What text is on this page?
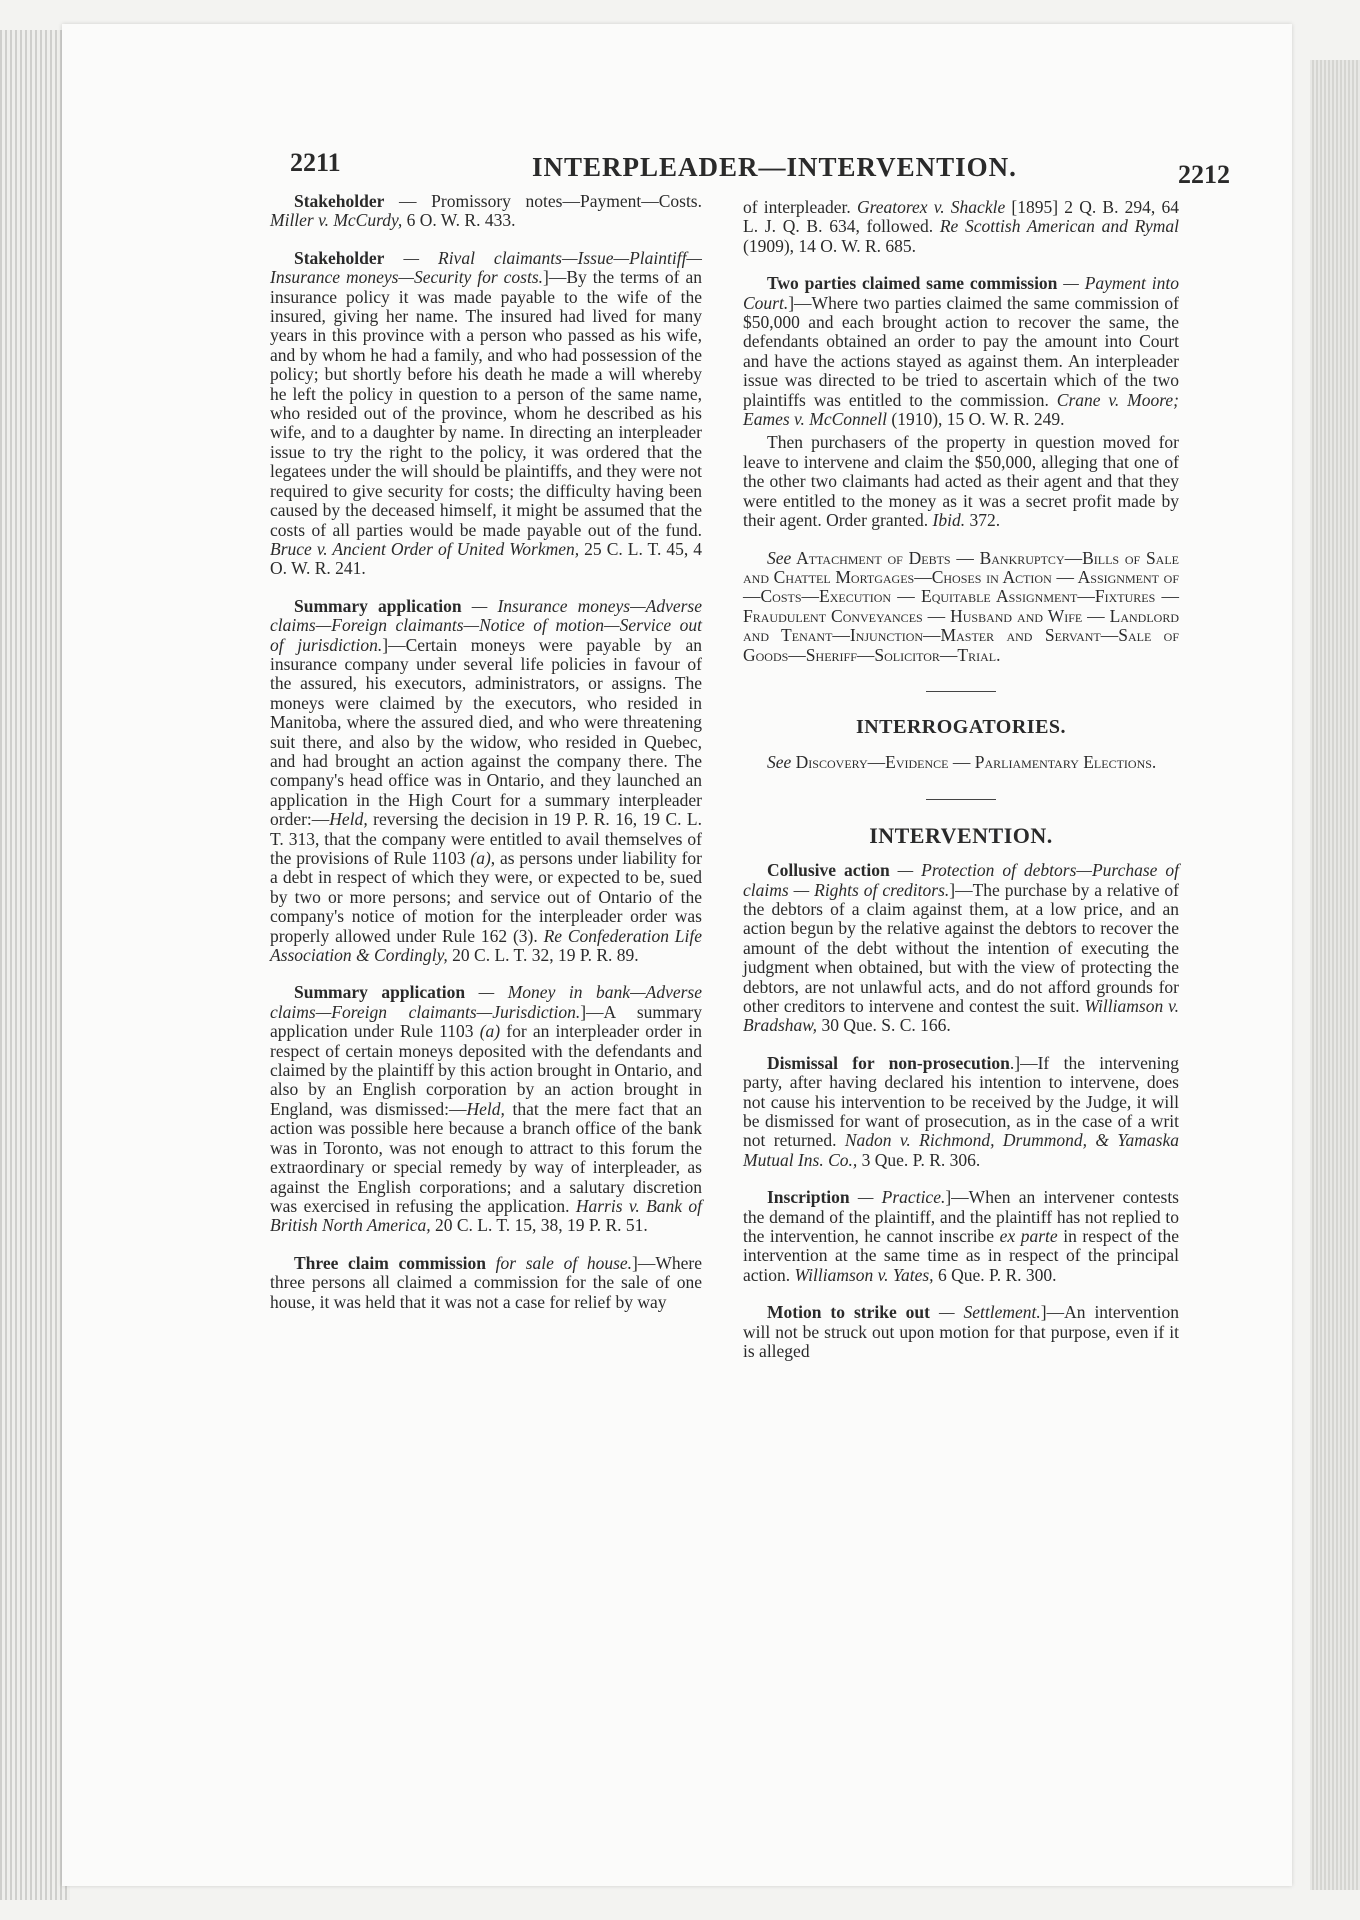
2211	INTERPLEADER—INTERVENTION.	2212

Stakeholder — Promissory notes—Payment—Costs. Miller v. McCurdy, 6 O. W. R. 433.

Stakeholder — Rival claimants—Issue—Plaintiff—Insurance moneys—Security for costs.]—By the terms of an insurance policy it was made payable to the wife of the insured, giving her name. The insured had lived for many years in this province with a person who passed as his wife, and by whom he had a family, and who had possession of the policy; but shortly before his death he made a will whereby he left the policy in question to a person of the same name, who resided out of the province, whom he described as his wife, and to a daughter by name. In directing an interpleader issue to try the right to the policy, it was ordered that the legatees under the will should be plaintiffs, and they were not required to give security for costs; the difficulty having been caused by the deceased himself, it might be assumed that the costs of all parties would be made payable out of the fund. Bruce v. Ancient Order of United Workmen, 25 C. L. T. 45, 4 O. W. R. 241.

Summary application — Insurance moneys—Adverse claims—Foreign claimants—Notice of motion—Service out of jurisdiction.]—Certain moneys were payable by an insurance company under several life policies in favour of the assured, his executors, administrators, or assigns. The moneys were claimed by the executors, who resided in Manitoba, where the assured died, and who were threatening suit there, and also by the widow, who resided in Quebec, and had brought an action against the company there. The company's head office was in Ontario, and they launched an application in the High Court for a summary interpleader order:—Held, reversing the decision in 19 P. R. 16, 19 C. L. T. 313, that the company were entitled to avail themselves of the provisions of Rule 1103 (a), as persons under liability for a debt in respect of which they were, or expected to be, sued by two or more persons; and service out of Ontario of the company's notice of motion for the interpleader order was properly allowed under Rule 162 (3). Re Confederation Life Association & Cordingly, 20 C. L. T. 32, 19 P. R. 89.

Summary application — Money in bank—Adverse claims—Foreign claimants—Jurisdiction.]—A summary application under Rule 1103 (a) for an interpleader order in respect of certain moneys deposited with the defendants and claimed by the plaintiff by this action brought in Ontario, and also by an English corporation by an action brought in England, was dismissed:—Held, that the mere fact that an action was possible here because a branch office of the bank was in Toronto, was not enough to attract to this forum the extraordinary or special remedy by way of interpleader, as against the English corporations; and a salutary discretion was exercised in refusing the application. Harris v. Bank of British North America, 20 C. L. T. 15, 38, 19 P. R. 51.

Three claim commission for sale of house.]—Where three persons all claimed a commission for the sale of one house, it was held that it was not a case for relief by way

of interpleader. Greatorex v. Shackle [1895] 2 Q. B. 294, 64 L. J. Q. B. 634, followed. Re Scottish American and Rymal (1909), 14 O. W. R. 685.

Two parties claimed same commission — Payment into Court.]—Where two parties claimed the same commission of $50,000 and each brought action to recover the same, the defendants obtained an order to pay the amount into Court and have the actions stayed as against them. An interpleader issue was directed to be tried to ascertain which of the two plaintiffs was entitled to the commission. Crane v. Moore; Eames v. McConnell (1910), 15 O. W. R. 249.

Then purchasers of the property in question moved for leave to intervene and claim the $50,000, alleging that one of the other two claimants had acted as their agent and that they were entitled to the money as it was a secret profit made by their agent. Order granted. Ibid. 372.

See Attachment of Debts — Bankruptcy—Bills of Sale and Chattel Mortgages—Choses in Action — Assignment of—Costs—Execution — Equitable Assignment—Fixtures — Fraudulent Conveyances — Husband and Wife — Landlord and Tenant—Injunction—Master and Servant—Sale of Goods—Sheriff—Solicitor—Trial.

INTERROGATORIES.

See Discovery—Evidence — Parliamentary Elections.

INTERVENTION.

Collusive action — Protection of debtors—Purchase of claims — Rights of creditors.]—The purchase by a relative of the debtors of a claim against them, at a low price, and an action begun by the relative against the debtors to recover the amount of the debt without the intention of executing the judgment when obtained, but with the view of protecting the debtors, are not unlawful acts, and do not afford grounds for other creditors to intervene and contest the suit. Williamson v. Bradshaw, 30 Que. S. C. 166.

Dismissal for non-prosecution.]—If the intervening party, after having declared his intention to intervene, does not cause his intervention to be received by the Judge, it will be dismissed for want of prosecution, as in the case of a writ not returned. Nadon v. Richmond, Drummond, & Yamaska Mutual Ins. Co., 3 Que. P. R. 306.

Inscription — Practice.]—When an intervener contests the demand of the plaintiff, and the plaintiff has not replied to the intervention, he cannot inscribe ex parte in respect of the intervention at the same time as in respect of the principal action. Williamson v. Yates, 6 Que. P. R. 300.

Motion to strike out — Settlement.]—An intervention will not be struck out upon motion for that purpose, even if it is alleged
